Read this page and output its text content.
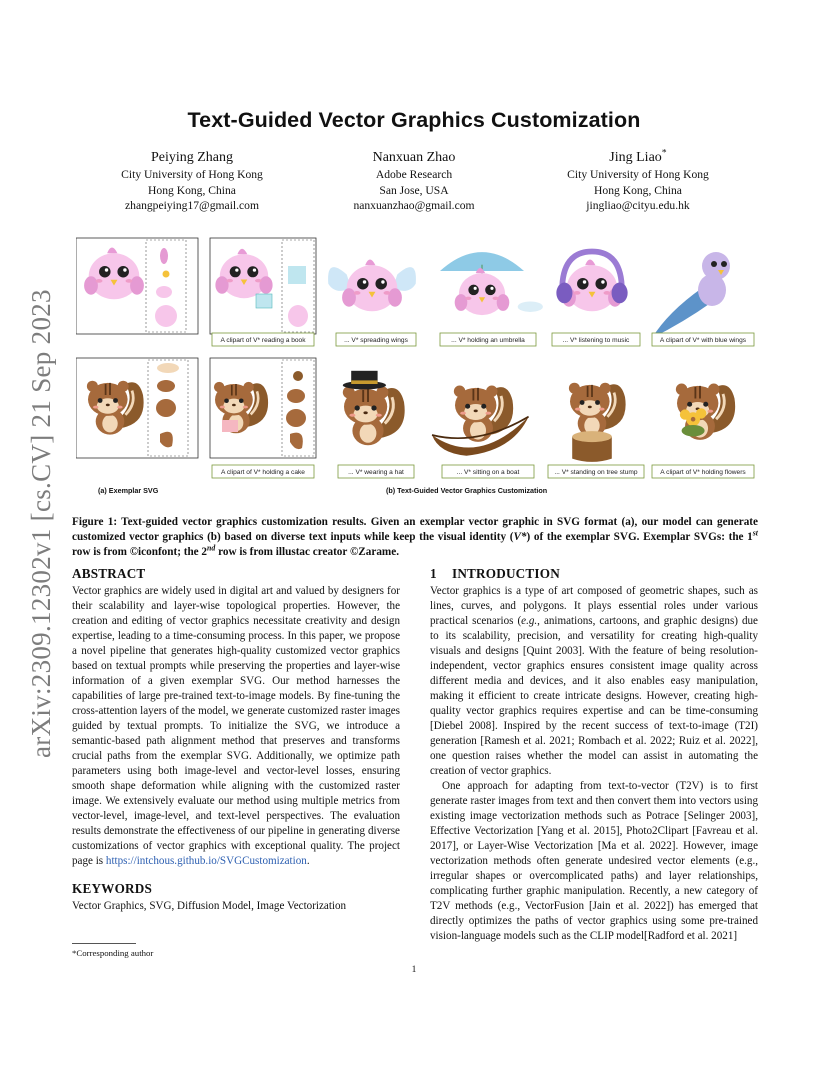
arXiv:2309.12302v1 [cs.CV] 21 Sep 2023
Text-Guided Vector Graphics Customization
Peiying Zhang
City University of Hong Kong
Hong Kong, China
zhangpeiying17@gmail.com
Nanxuan Zhao
Adobe Research
San Jose, USA
nanxuanzhao@gmail.com
Jing Liao*
City University of Hong Kong
Hong Kong, China
jingliao@cityu.edu.hk
A clipart of V* reading a book	... V* spreading wings	... V* holding an umbrella	... V* listening to music	A clipart of V* with blue wings
A clipart of V* holding a cake	... V* wearing a hat	... V* sitting on a boat	... V* standing on tree stump	A clipart of V* holding flowers
(a) Exemplar SVG	(b) Text-Guided Vector Graphics Customization
Figure 1: Text-guided vector graphics customization results. Given an exemplar vector graphic in SVG format (a), our model can generate customized vector graphics (b) based on diverse text inputs while keep the visual identity (V*) of the exemplar SVG. Exemplar SVGs: the 1st row is from ©iconfont; the 2nd row is from illustac creator ©Zarame.
ABSTRACT

Vector graphics are widely used in digital art and valued by designers for their scalability and layer-wise topological properties. However, the creation and editing of vector graphics necessitate creativity and design expertise, leading to a time-consuming process. In this paper, we propose a novel pipeline that generates high-quality customized vector graphics based on textual prompts while preserving the properties and layer-wise information of a given exemplar SVG. Our method harnesses the capabilities of large pre-trained text-to-image models. By fine-tuning the cross-attention layers of the model, we generate customized raster images guided by textual prompts. To initialize the SVG, we introduce a semantic-based path alignment method that preserves and transforms crucial paths from the exemplar SVG. Additionally, we optimize path parameters using both image-level and vector-level losses, ensuring smooth shape deformation while aligning with the customized raster image. We extensively evaluate our method using multiple metrics from vector-level, image-level, and text-level perspectives. The evaluation results demonstrate the effectiveness of our pipeline in generating diverse customizations of vector graphics with exceptional quality. The project page is https://intchous.github.io/SVGCustomization.

KEYWORDS

Vector Graphics, SVG, Diffusion Model, Image Vectorization

*Corresponding author
1 INTRODUCTION

Vector graphics is a type of art composed of geometric shapes, such as lines, curves, and polygons. It plays essential roles under various practical scenarios (e.g., animations, cartoons, and graphic designs) due to its scalability, precision, and versatility for creating high-quality visuals and designs [Quint 2003]. With the feature of being resolution-independent, vector graphics ensures consistent image quality across different media and devices, and it also enables easy manipulation, making it efficient to create intricate designs. However, creating high-quality vector graphics requires expertise and can be time-consuming [Diebel 2008]. Inspired by the recent success of text-to-image (T2I) generation [Ramesh et al. 2021; Rombach et al. 2022; Ruiz et al. 2022], one question raises whether the model can assist in automating the creation of vector graphics.

One approach for adapting from text-to-vector (T2V) is to first generate raster images from text and then convert them into vectors using existing image vectorization methods such as Potrace [Selinger 2003], Effective Vectorization [Yang et al. 2015], Photo2Clipart [Favreau et al. 2017], or Layer-Wise Vectorization [Ma et al. 2022]. However, image vectorization methods often generate undesired vector elements (e.g., irregular shapes or overcomplicated paths) and layer relationships, complicating further graphic manipulation. Recently, a new category of T2V methods (e.g., VectorFusion [Jain et al. 2022]) has emerged that directly optimizes the paths of vector graphics using some pre-trained vision-language models such as the CLIP model[Radford et al. 2021]

1
